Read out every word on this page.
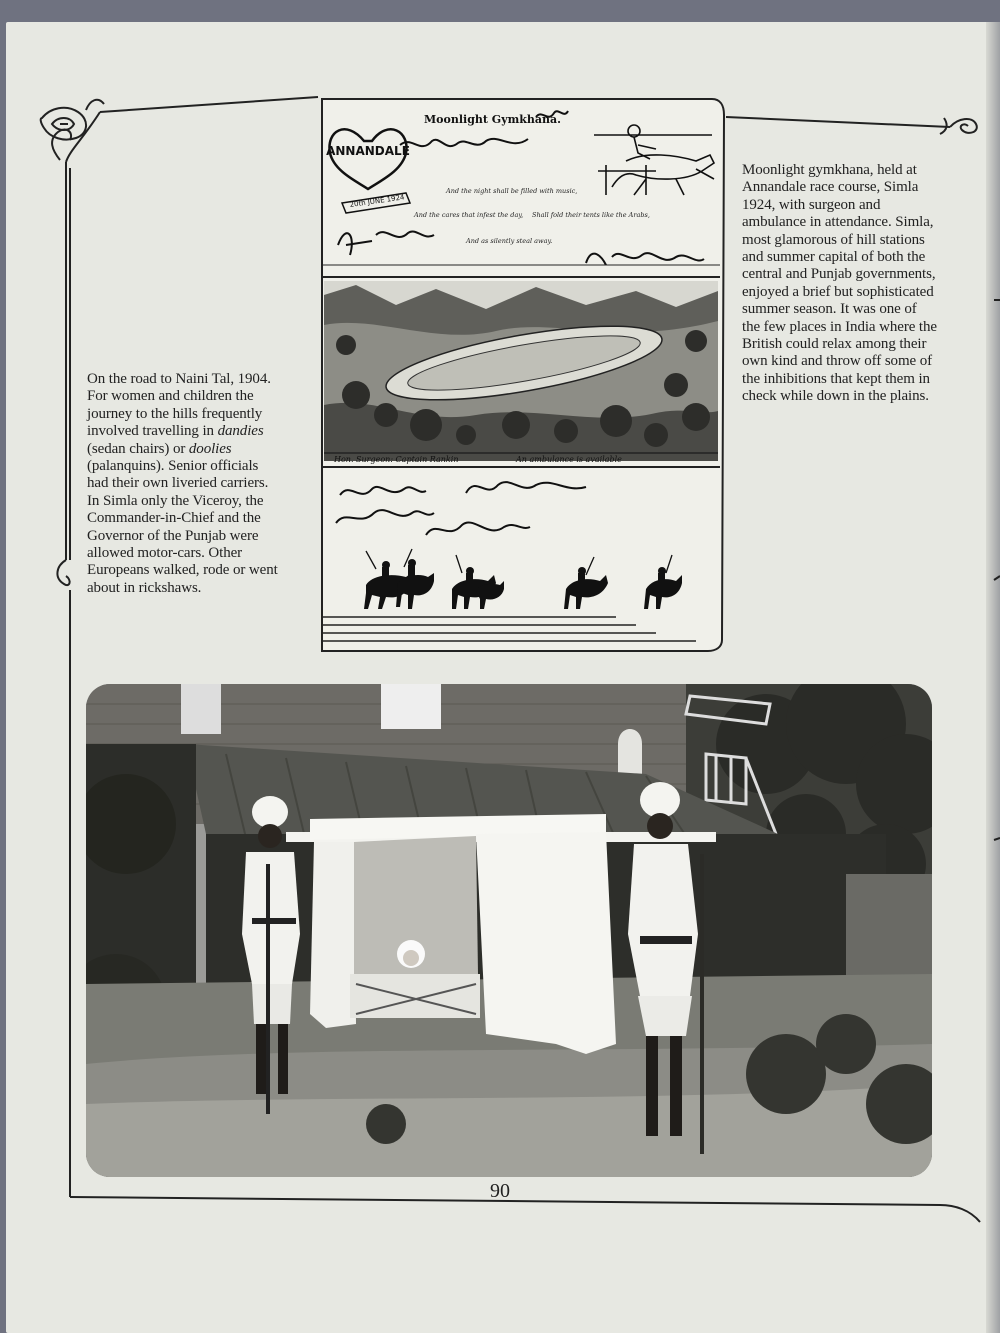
ANNANDALE
Moonlight Gymkhana.
20th JUNE 1924
And the night shall be filled with music,
And the cares that infest the day, Shall fold their tents like the Arabs,
And as silently steal away.
Hon. Surgeon: Captain Rankin	An ambulance is available

On the road to Naini Tal, 1904. For women and children the journey to the hills frequently involved travelling in dandies (sedan chairs) or doolies (palanquins). Senior officials had their own liveried carriers. In Simla only the Viceroy, the Commander-in-Chief and the Governor of the Punjab were allowed motor-cars. Other Europeans walked, rode or went about in rickshaws.

Moonlight gymkhana, held at Annandale race course, Simla 1924, with surgeon and ambulance in attendance. Simla, most glamorous of hill stations and summer capital of both the central and Punjab governments, enjoyed a brief but sophisticated summer season. It was one of the few places in India where the British could relax among their own kind and throw off some of the inhibitions that kept them in check while down in the plains.

90
